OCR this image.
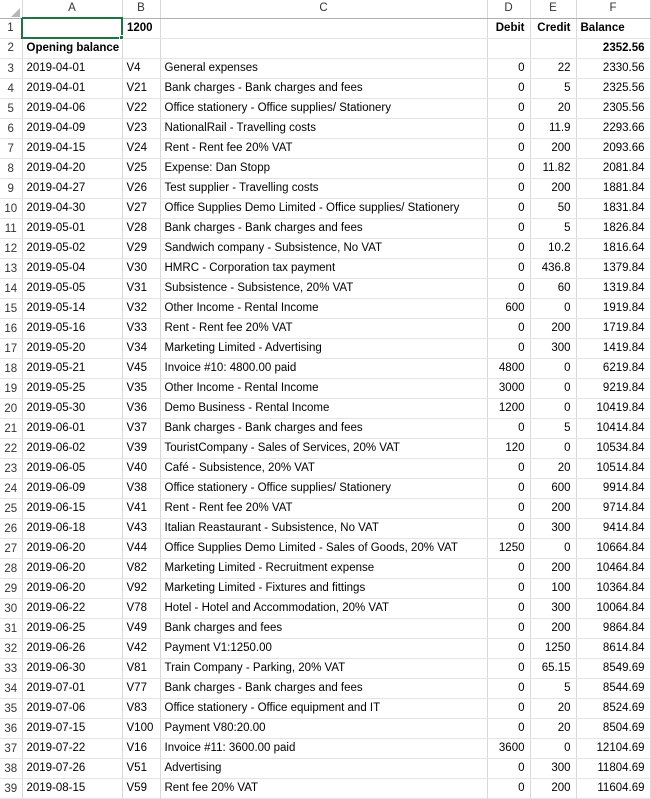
	A	B	C	D	E	F
1		1200		Debit	Credit	Balance
2	Opening balance					2352.56
3	2019-04-01	V4	General expenses	0	22	2330.56
4	2019-04-01	V21	Bank charges - Bank charges and fees	0	5	2325.56
5	2019-04-06	V22	Office stationery - Office supplies/ Stationery	0	20	2305.56
6	2019-04-09	V23	NationalRail - Travelling costs	0	11.9	2293.66
7	2019-04-15	V24	Rent - Rent fee 20% VAT	0	200	2093.66
8	2019-04-20	V25	Expense: Dan Stopp	0	11.82	2081.84
9	2019-04-27	V26	Test supplier - Travelling costs	0	200	1881.84
10	2019-04-30	V27	Office Supplies Demo Limited - Office supplies/ Stationery	0	50	1831.84
11	2019-05-01	V28	Bank charges - Bank charges and fees	0	5	1826.84
12	2019-05-02	V29	Sandwich company - Subsistence, No VAT	0	10.2	1816.64
13	2019-05-04	V30	HMRC - Corporation tax payment	0	436.8	1379.84
14	2019-05-05	V31	Subsistence - Subsistence, 20% VAT	0	60	1319.84
15	2019-05-14	V32	Other Income - Rental Income	600	0	1919.84
16	2019-05-16	V33	Rent - Rent fee 20% VAT	0	200	1719.84
17	2019-05-20	V34	Marketing Limited - Advertising	0	300	1419.84
18	2019-05-21	V45	Invoice #10: 4800.00 paid	4800	0	6219.84
19	2019-05-25	V35	Other Income - Rental Income	3000	0	9219.84
20	2019-05-30	V36	Demo Business - Rental Income	1200	0	10419.84
21	2019-06-01	V37	Bank charges - Bank charges and fees	0	5	10414.84
22	2019-06-02	V39	TouristCompany - Sales of Services, 20% VAT	120	0	10534.84
23	2019-06-05	V40	Café - Subsistence, 20% VAT	0	20	10514.84
24	2019-06-09	V38	Office stationery - Office supplies/ Stationery	0	600	9914.84
25	2019-06-15	V41	Rent - Rent fee 20% VAT	0	200	9714.84
26	2019-06-18	V43	Italian Reastaurant - Subsistence, No VAT	0	300	9414.84
27	2019-06-20	V44	Office Supplies Demo Limited - Sales of Goods, 20% VAT	1250	0	10664.84
28	2019-06-20	V82	Marketing Limited - Recruitment expense	0	200	10464.84
29	2019-06-20	V92	Marketing Limited - Fixtures and fittings	0	100	10364.84
30	2019-06-22	V78	Hotel - Hotel and Accommodation, 20% VAT	0	300	10064.84
31	2019-06-25	V49	Bank charges and fees	0	200	9864.84
32	2019-06-26	V42	Payment V1:1250.00	0	1250	8614.84
33	2019-06-30	V81	Train Company - Parking, 20% VAT	0	65.15	8549.69
34	2019-07-01	V77	Bank charges - Bank charges and fees	0	5	8544.69
35	2019-07-06	V83	Office stationery - Office equipment and IT	0	20	8524.69
36	2019-07-15	V100	Payment V80:20.00	0	20	8504.69
37	2019-07-22	V16	Invoice #11: 3600.00 paid	3600	0	12104.69
38	2019-07-26	V51	Advertising	0	300	11804.69
39	2019-08-15	V59	Rent fee 20% VAT	0	200	11604.69
